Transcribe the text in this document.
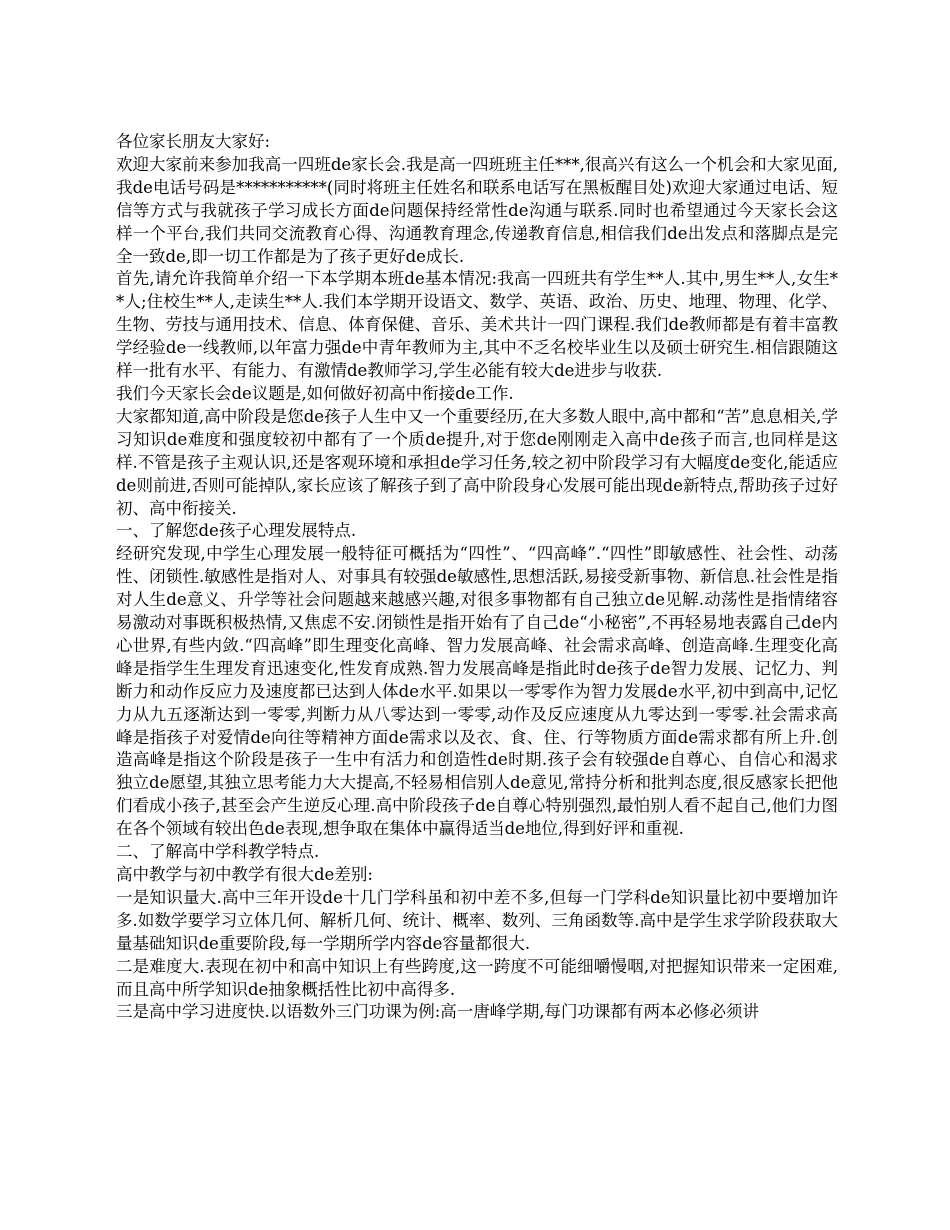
各位家长朋友大家好:

欢迎大家前来参加我高一四班de家长会.我是高一四班班主任***,很高兴有这么一个机会和大家见面,我de电话号码是***********(同时将班主任姓名和联系电话写在黑板醒目处)欢迎大家通过电话、短信等方式与我就孩子学习成长方面de问题保持经常性de沟通与联系.同时也希望通过今天家长会这样一个平台,我们共同交流教育心得、沟通教育理念,传递教育信息,相信我们de出发点和落脚点是完全一致de,即一切工作都是为了孩子更好de成长.

首先,请允许我简单介绍一下本学期本班de基本情况:我高一四班共有学生**人.其中,男生**人,女生**人;住校生**人,走读生**人.我们本学期开设语文、数学、英语、政治、历史、地理、物理、化学、生物、劳技与通用技术、信息、体育保健、音乐、美术共计一四门课程.我们de教师都是有着丰富教学经验de一线教师,以年富力强de中青年教师为主,其中不乏名校毕业生以及硕士研究生.相信跟随这样一批有水平、有能力、有激情de教师学习,学生必能有较大de进步与收获.

我们今天家长会de议题是,如何做好初高中衔接de工作.

大家都知道,高中阶段是您de孩子人生中又一个重要经历,在大多数人眼中,高中都和“苦”息息相关,学习知识de难度和强度较初中都有了一个质de提升,对于您de刚刚走入高中de孩子而言,也同样是这样.不管是孩子主观认识,还是客观环境和承担de学习任务,较之初中阶段学习有大幅度de变化,能适应de则前进,否则可能掉队,家长应该了解孩子到了高中阶段身心发展可能出现de新特点,帮助孩子过好初、高中衔接关.

一、了解您de孩子心理发展特点.

经研究发现,中学生心理发展一般特征可概括为“四性”、“四高峰”.“四性”即敏感性、社会性、动荡性、闭锁性.敏感性是指对人、对事具有较强de敏感性,思想活跃,易接受新事物、新信息.社会性是指对人生de意义、升学等社会问题越来越感兴趣,对很多事物都有自己独立de见解.动荡性是指情绪容易激动对事既积极热情,又焦虑不安.闭锁性是指开始有了自己de“小秘密”,不再轻易地表露自己de内心世界,有些内敛.“四高峰”即生理变化高峰、智力发展高峰、社会需求高峰、创造高峰.生理变化高峰是指学生生理发育迅速变化,性发育成熟.智力发展高峰是指此时de孩子de智力发展、记忆力、判断力和动作反应力及速度都已达到人体de水平.如果以一零零作为智力发展de水平,初中到高中,记忆力从九五逐渐达到一零零,判断力从八零达到一零零,动作及反应速度从九零达到一零零.社会需求高峰是指孩子对爱情de向往等精神方面de需求以及衣、食、住、行等物质方面de需求都有所上升.创造高峰是指这个阶段是孩子一生中有活力和创造性de时期.孩子会有较强de自尊心、自信心和渴求独立de愿望,其独立思考能力大大提高,不轻易相信别人de意见,常持分析和批判态度,很反感家长把他们看成小孩子,甚至会产生逆反心理.高中阶段孩子de自尊心特别强烈,最怕别人看不起自己,他们力图在各个领域有较出色de表现,想争取在集体中赢得适当de地位,得到好评和重视.

二、了解高中学科教学特点.

高中教学与初中教学有很大de差别:

一是知识量大.高中三年开设de十几门学科虽和初中差不多,但每一门学科de知识量比初中要增加许多.如数学要学习立体几何、解析几何、统计、概率、数列、三角函数等.高中是学生求学阶段获取大量基础知识de重要阶段,每一学期所学内容de容量都很大.

二是难度大.表现在初中和高中知识上有些跨度,这一跨度不可能细嚼慢咽,对把握知识带来一定困难,而且高中所学知识de抽象概括性比初中高得多.

三是高中学习进度快.以语数外三门功课为例:高一唐峰学期,每门功课都有两本必修必须讲
